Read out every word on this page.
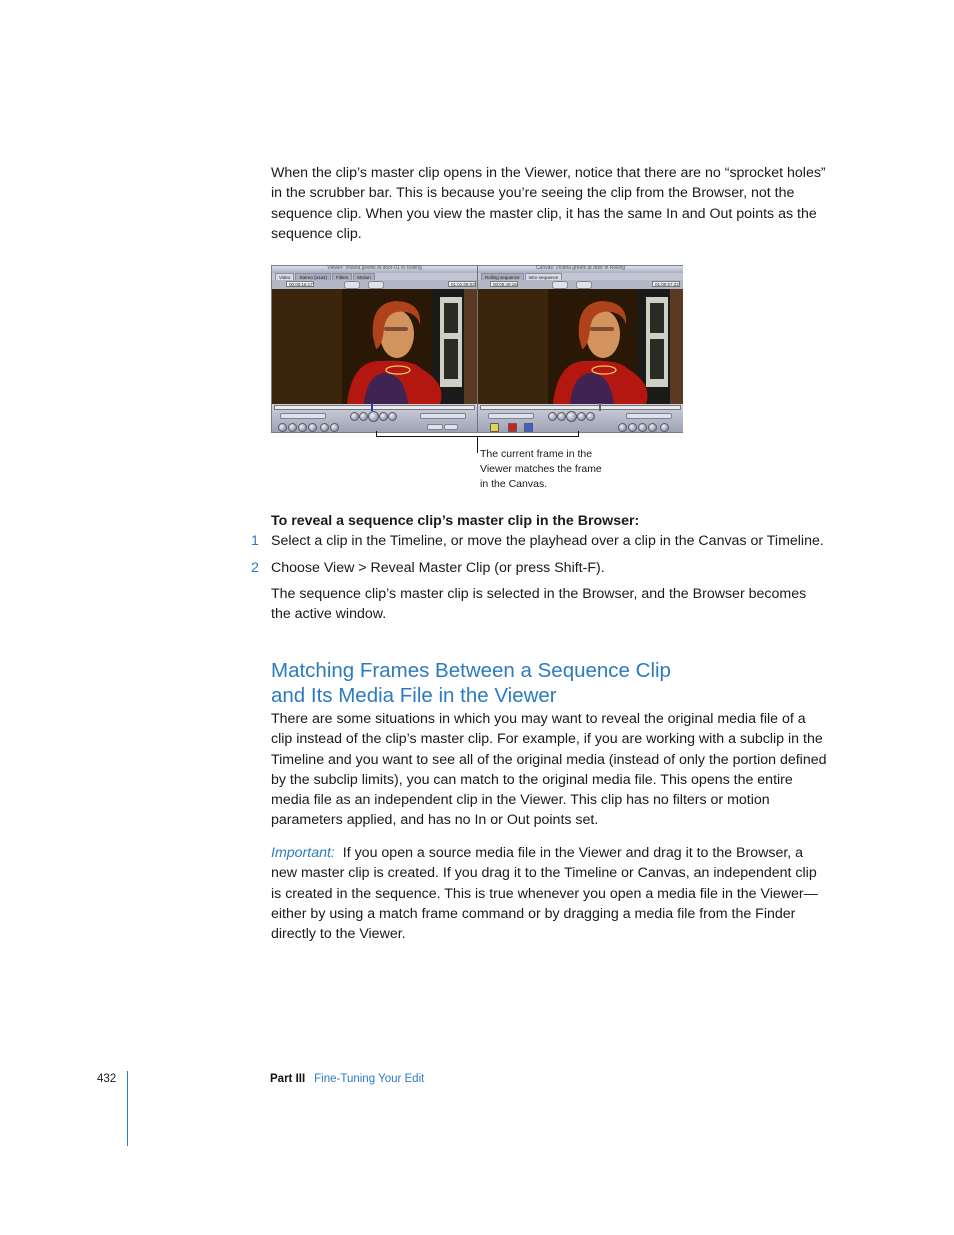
When the clip’s master clip opens in the Viewer, notice that there are no “sprocket holes” in the scrubber bar. This is because you’re seeing the clip from the Browser, not the sequence clip. When you view the master clip, it has the same In and Out points as the sequence clip.

Viewer: Violeta greets at door-01 in Rolling
Video Stereo (a1a2) Filters Motion
00:00:16:17	01:01:08:03
Canvas: Violeta greets at door in Rolling
Rolling sequence Intro sequence
00:00:49:16	01:00:57:22
The current frame in the Viewer matches the frame in the Canvas.
To reveal a sequence clip’s master clip in the Browser:
1 Select a clip in the Timeline, or move the playhead over a clip in the Canvas or Timeline.
2 Choose View > Reveal Master Clip (or press Shift-F).

The sequence clip’s master clip is selected in the Browser, and the Browser becomes the active window.

Matching Frames Between a Sequence Clip
and Its Media File in the Viewer

There are some situations in which you may want to reveal the original media file of a clip instead of the clip’s master clip. For example, if you are working with a subclip in the Timeline and you want to see all of the original media (instead of only the portion defined by the subclip limits), you can match to the original media file. This opens the entire media file as an independent clip in the Viewer. This clip has no filters or motion parameters applied, and has no In or Out points set.

Important: If you open a source media file in the Viewer and drag it to the Browser, a new master clip is created. If you drag it to the Timeline or Canvas, an independent clip is created in the sequence. This is true whenever you open a media file in the Viewer—either by using a match frame command or by dragging a media file from the Finder directly to the Viewer.

432	Part III Fine-Tuning Your Edit
